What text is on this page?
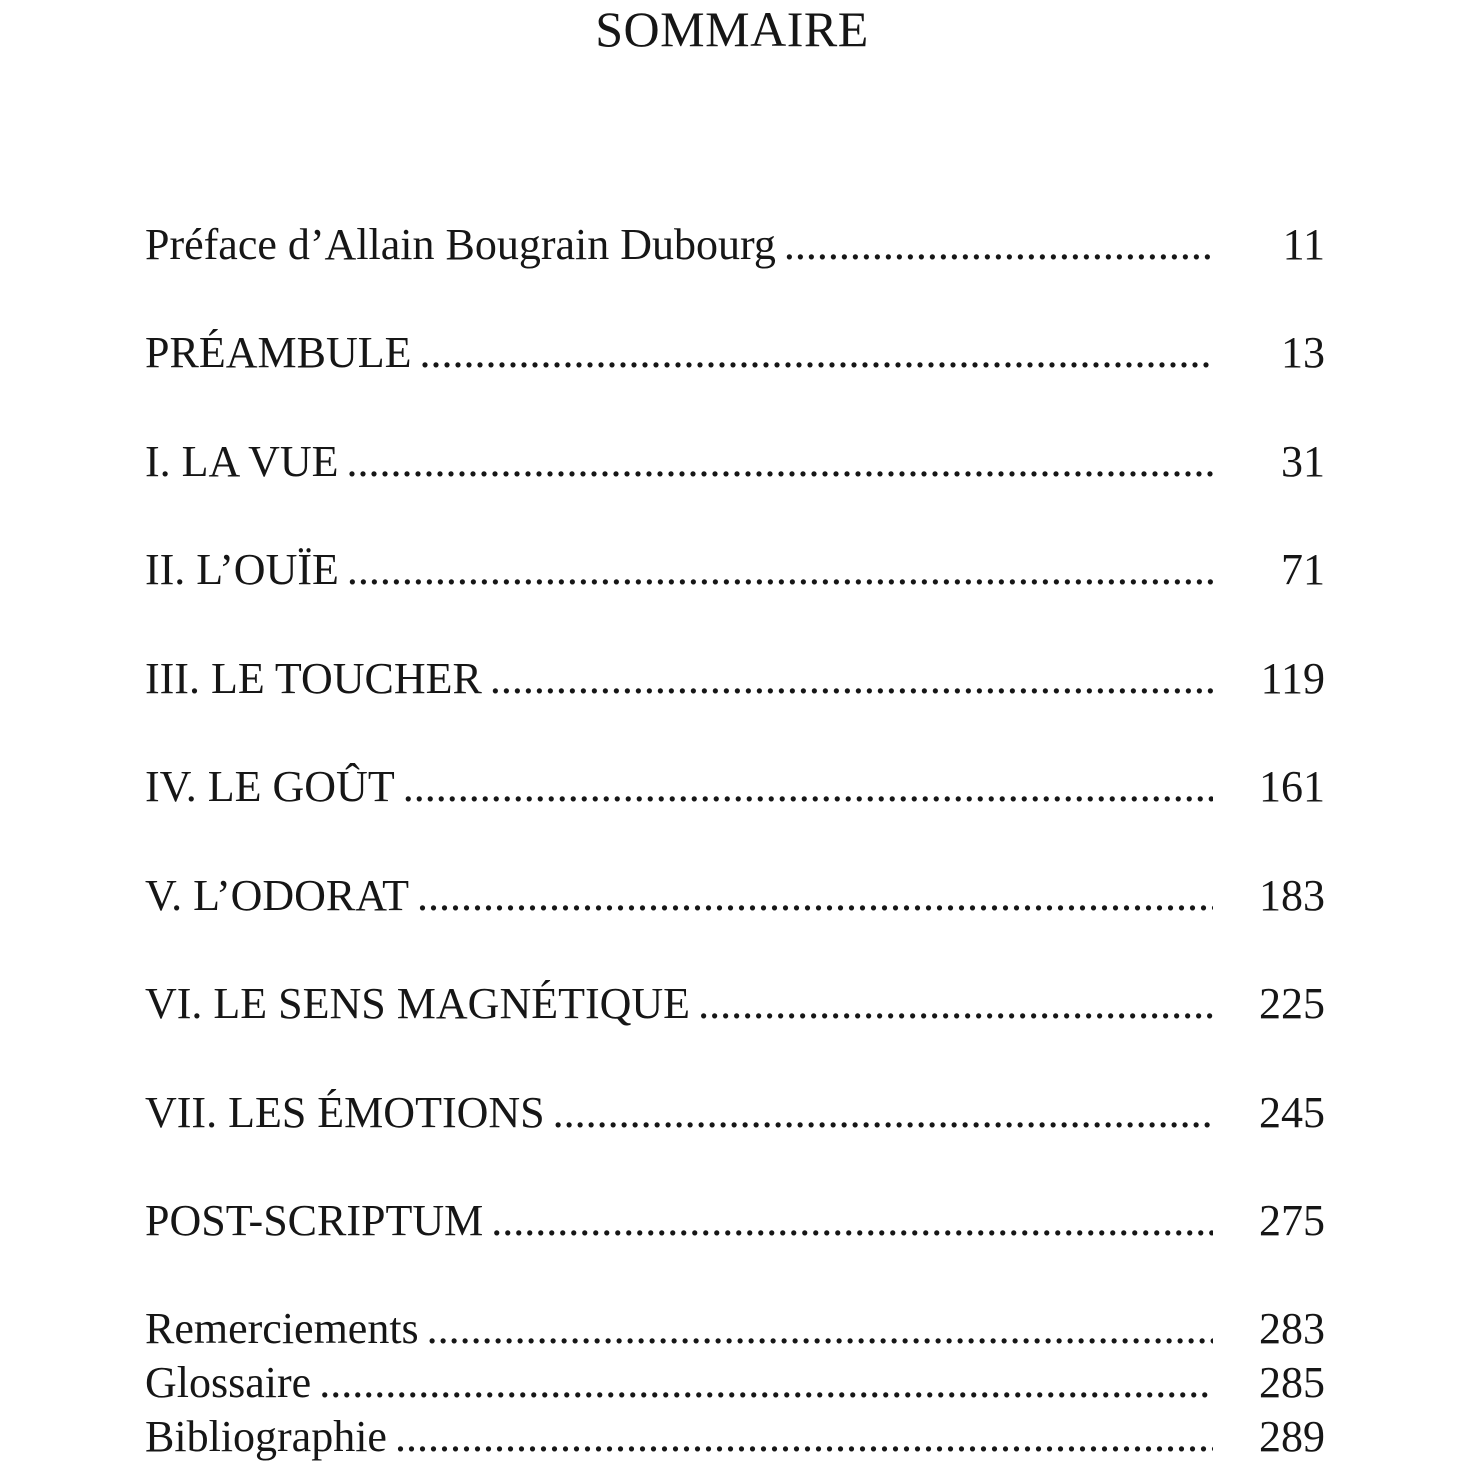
SOMMAIRE
Préface d’Allain Bougrain Dubourg .....	11
PRÉAMBULE .....	13
I. LA VUE .....	31
II. L’OUÏE .....	71
III. LE TOUCHER .....	119
IV. LE GOÛT .....	161
V. L’ODORAT .....	183
VI. LE SENS MAGNÉTIQUE .....	225
VII. LES ÉMOTIONS .....	245
POST-SCRIPTUM .....	275
Remerciements .....	283
Glossaire .....	285
Bibliographie .....	289
